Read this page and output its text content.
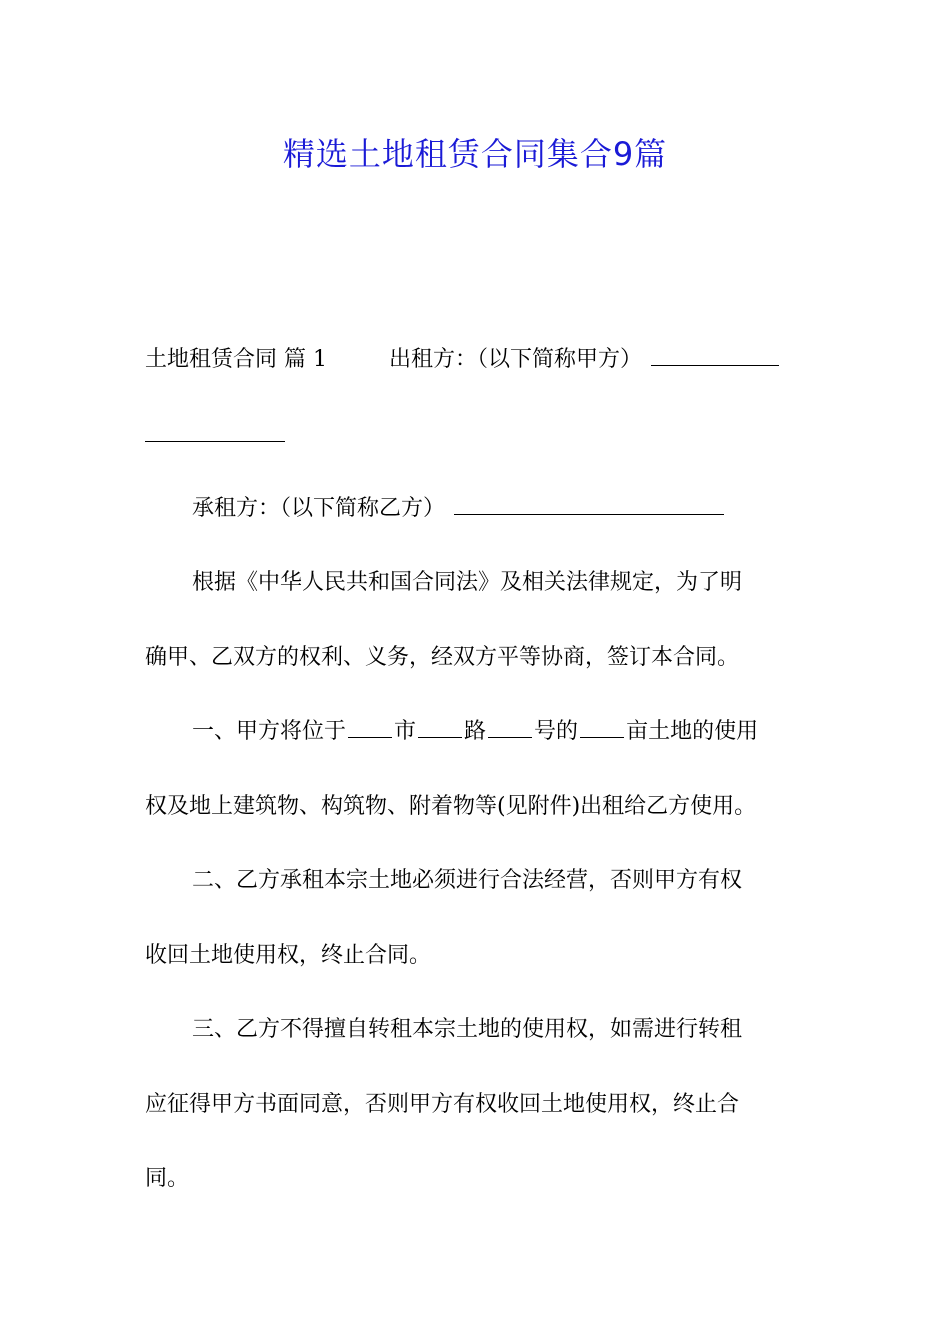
精选土地租赁合同集合9篇
土地租赁合同 篇 1	出租方：（以下简称甲方）
承租方：（以下简称乙方）
根据《中华人民共和国合同法》及相关法律规定，为了明
确甲、乙双方的权利、义务，经双方平等协商，签订本合同。
一、甲方将位于 市 路 号的 亩土地的使用
权及地上建筑物、构筑物、附着物等(见附件)出租给乙方使用。
二、乙方承租本宗土地必须进行合法经营，否则甲方有权
收回土地使用权，终止合同。
三、乙方不得擅自转租本宗土地的使用权，如需进行转租
应征得甲方书面同意，否则甲方有权收回土地使用权，终止合
同。
